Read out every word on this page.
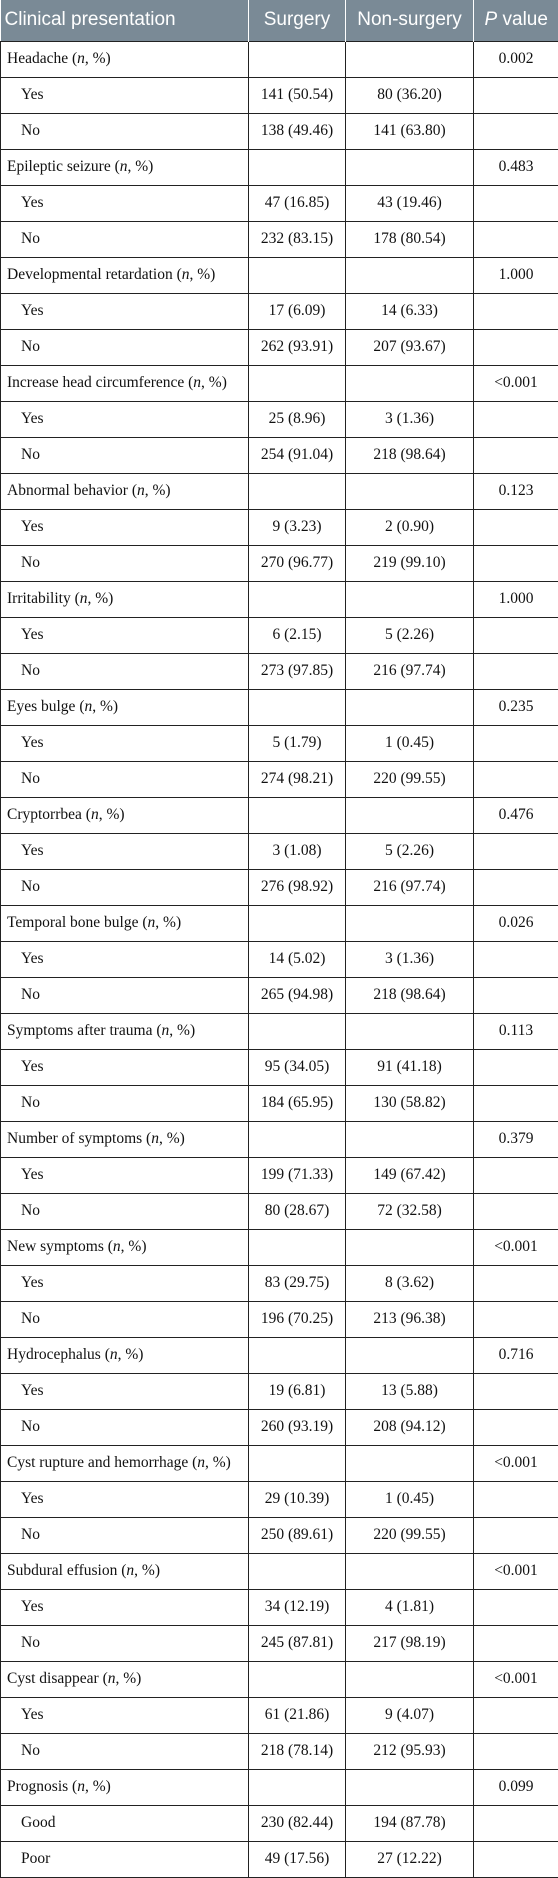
Clinical presentation	Surgery	Non-surgery	P value
Headache (n, %)			0.002
Yes	141 (50.54)	80 (36.20)	
No	138 (49.46)	141 (63.80)	
Epileptic seizure (n, %)			0.483
Yes	47 (16.85)	43 (19.46)	
No	232 (83.15)	178 (80.54)	
Developmental retardation (n, %)			1.000
Yes	17 (6.09)	14 (6.33)	
No	262 (93.91)	207 (93.67)	
Increase head circumference (n, %)			<0.001
Yes	25 (8.96)	3 (1.36)	
No	254 (91.04)	218 (98.64)	
Abnormal behavior (n, %)			0.123
Yes	9 (3.23)	2 (0.90)	
No	270 (96.77)	219 (99.10)	
Irritability (n, %)			1.000
Yes	6 (2.15)	5 (2.26)	
No	273 (97.85)	216 (97.74)	
Eyes bulge (n, %)			0.235
Yes	5 (1.79)	1 (0.45)	
No	274 (98.21)	220 (99.55)	
Cryptorrbea (n, %)			0.476
Yes	3 (1.08)	5 (2.26)	
No	276 (98.92)	216 (97.74)	
Temporal bone bulge (n, %)			0.026
Yes	14 (5.02)	3 (1.36)	
No	265 (94.98)	218 (98.64)	
Symptoms after trauma (n, %)			0.113
Yes	95 (34.05)	91 (41.18)	
No	184 (65.95)	130 (58.82)	
Number of symptoms (n, %)			0.379
Yes	199 (71.33)	149 (67.42)	
No	80 (28.67)	72 (32.58)	
New symptoms (n, %)			<0.001
Yes	83 (29.75)	8 (3.62)	
No	196 (70.25)	213 (96.38)	
Hydrocephalus (n, %)			0.716
Yes	19 (6.81)	13 (5.88)	
No	260 (93.19)	208 (94.12)	
Cyst rupture and hemorrhage (n, %)			<0.001
Yes	29 (10.39)	1 (0.45)	
No	250 (89.61)	220 (99.55)	
Subdural effusion (n, %)			<0.001
Yes	34 (12.19)	4 (1.81)	
No	245 (87.81)	217 (98.19)	
Cyst disappear (n, %)			<0.001
Yes	61 (21.86)	9 (4.07)	
No	218 (78.14)	212 (95.93)	
Prognosis (n, %)			0.099
Good	230 (82.44)	194 (87.78)	
Poor	49 (17.56)	27 (12.22)	
